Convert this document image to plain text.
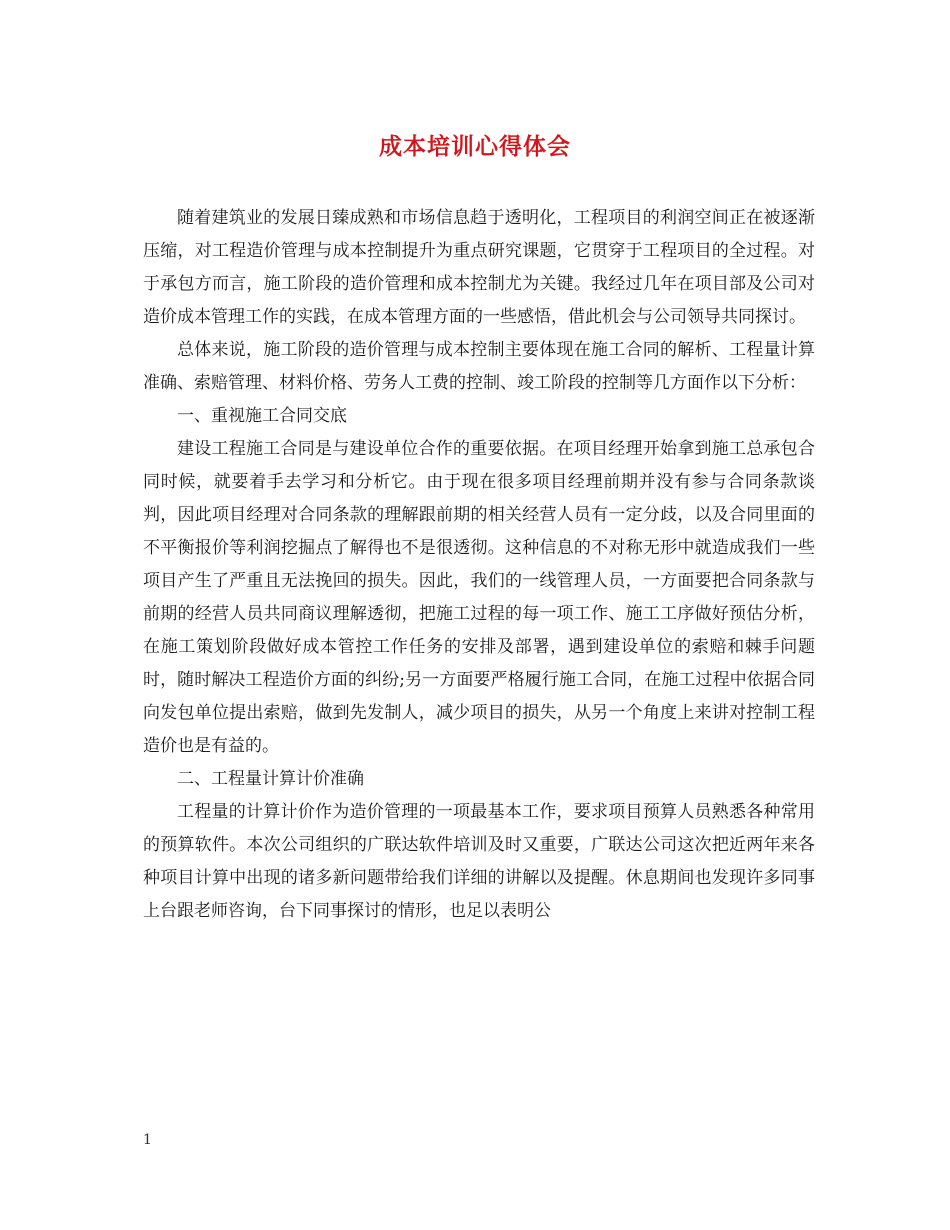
成本培训心得体会

随着建筑业的发展日臻成熟和市场信息趋于透明化，工程项目的利润空间正在被逐渐压缩，对工程造价管理与成本控制提升为重点研究课题，它贯穿于工程项目的全过程。对于承包方而言，施工阶段的造价管理和成本控制尤为关键。我经过几年在项目部及公司对造价成本管理工作的实践，在成本管理方面的一些感悟，借此机会与公司领导共同探讨。

总体来说，施工阶段的造价管理与成本控制主要体现在施工合同的解析、工程量计算准确、索赔管理、材料价格、劳务人工费的控制、竣工阶段的控制等几方面作以下分析：

一、重视施工合同交底

建设工程施工合同是与建设单位合作的重要依据。在项目经理开始拿到施工总承包合同时候，就要着手去学习和分析它。由于现在很多项目经理前期并没有参与合同条款谈判，因此项目经理对合同条款的理解跟前期的相关经营人员有一定分歧，以及合同里面的不平衡报价等利润挖掘点了解得也不是很透彻。这种信息的不对称无形中就造成我们一些项目产生了严重且无法挽回的损失。因此，我们的一线管理人员，一方面要把合同条款与前期的经营人员共同商议理解透彻，把施工过程的每一项工作、施工工序做好预估分析，在施工策划阶段做好成本管控工作任务的安排及部署，遇到建设单位的索赔和棘手问题时，随时解决工程造价方面的纠纷;另一方面要严格履行施工合同，在施工过程中依据合同向发包单位提出索赔，做到先发制人，减少项目的损失，从另一个角度上来讲对控制工程造价也是有益的。

二、工程量计算计价准确

工程量的计算计价作为造价管理的一项最基本工作，要求项目预算人员熟悉各种常用的预算软件。本次公司组织的广联达软件培训及时又重要，广联达公司这次把近两年来各种项目计算中出现的诸多新问题带给我们详细的讲解以及提醒。休息期间也发现许多同事上台跟老师咨询，台下同事探讨的情形，也足以表明公

1
